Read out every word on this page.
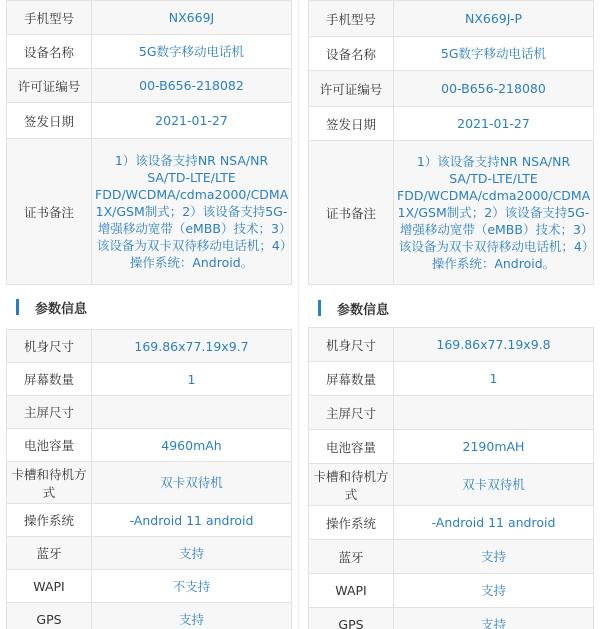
手机型号	NX669J
设备名称	5G数字移动电话机
许可证编号	00-B656-218082
签发日期	2021-01-27
证书备注	1）该设备支持NR NSA/NR SA/TD-LTE/LTE FDD/WCDMA/cdma2000/CDMA 1X/GSM制式；2）该设备支持5G-增强移动宽带（eMBB）技术；3）该设备为双卡双待移动电话机；4）操作系统：Android。
参数信息
机身尺寸	169.86x77.19x9.7
屏幕数量	1
主屏尺寸	
电池容量	4960mAh
卡槽和待机方式	双卡双待机
操作系统	-Android 11 android
蓝牙	支持
WAPI	不支持
GPS	支持
手机型号	NX669J-P
设备名称	5G数字移动电话机
许可证编号	00-B656-218080
签发日期	2021-01-27
证书备注	1）该设备支持NR NSA/NR SA/TD-LTE/LTE FDD/WCDMA/cdma2000/CDMA 1X/GSM制式；2）该设备支持5G-增强移动宽带（eMBB）技术；3）该设备为双卡双待移动电话机；4）操作系统：Android。
参数信息
机身尺寸	169.86x77.19x9.8
屏幕数量	1
主屏尺寸	
电池容量	2190mAH
卡槽和待机方式	双卡双待机
操作系统	-Android 11 android
蓝牙	支持
WAPI	支持
GPS	支持
